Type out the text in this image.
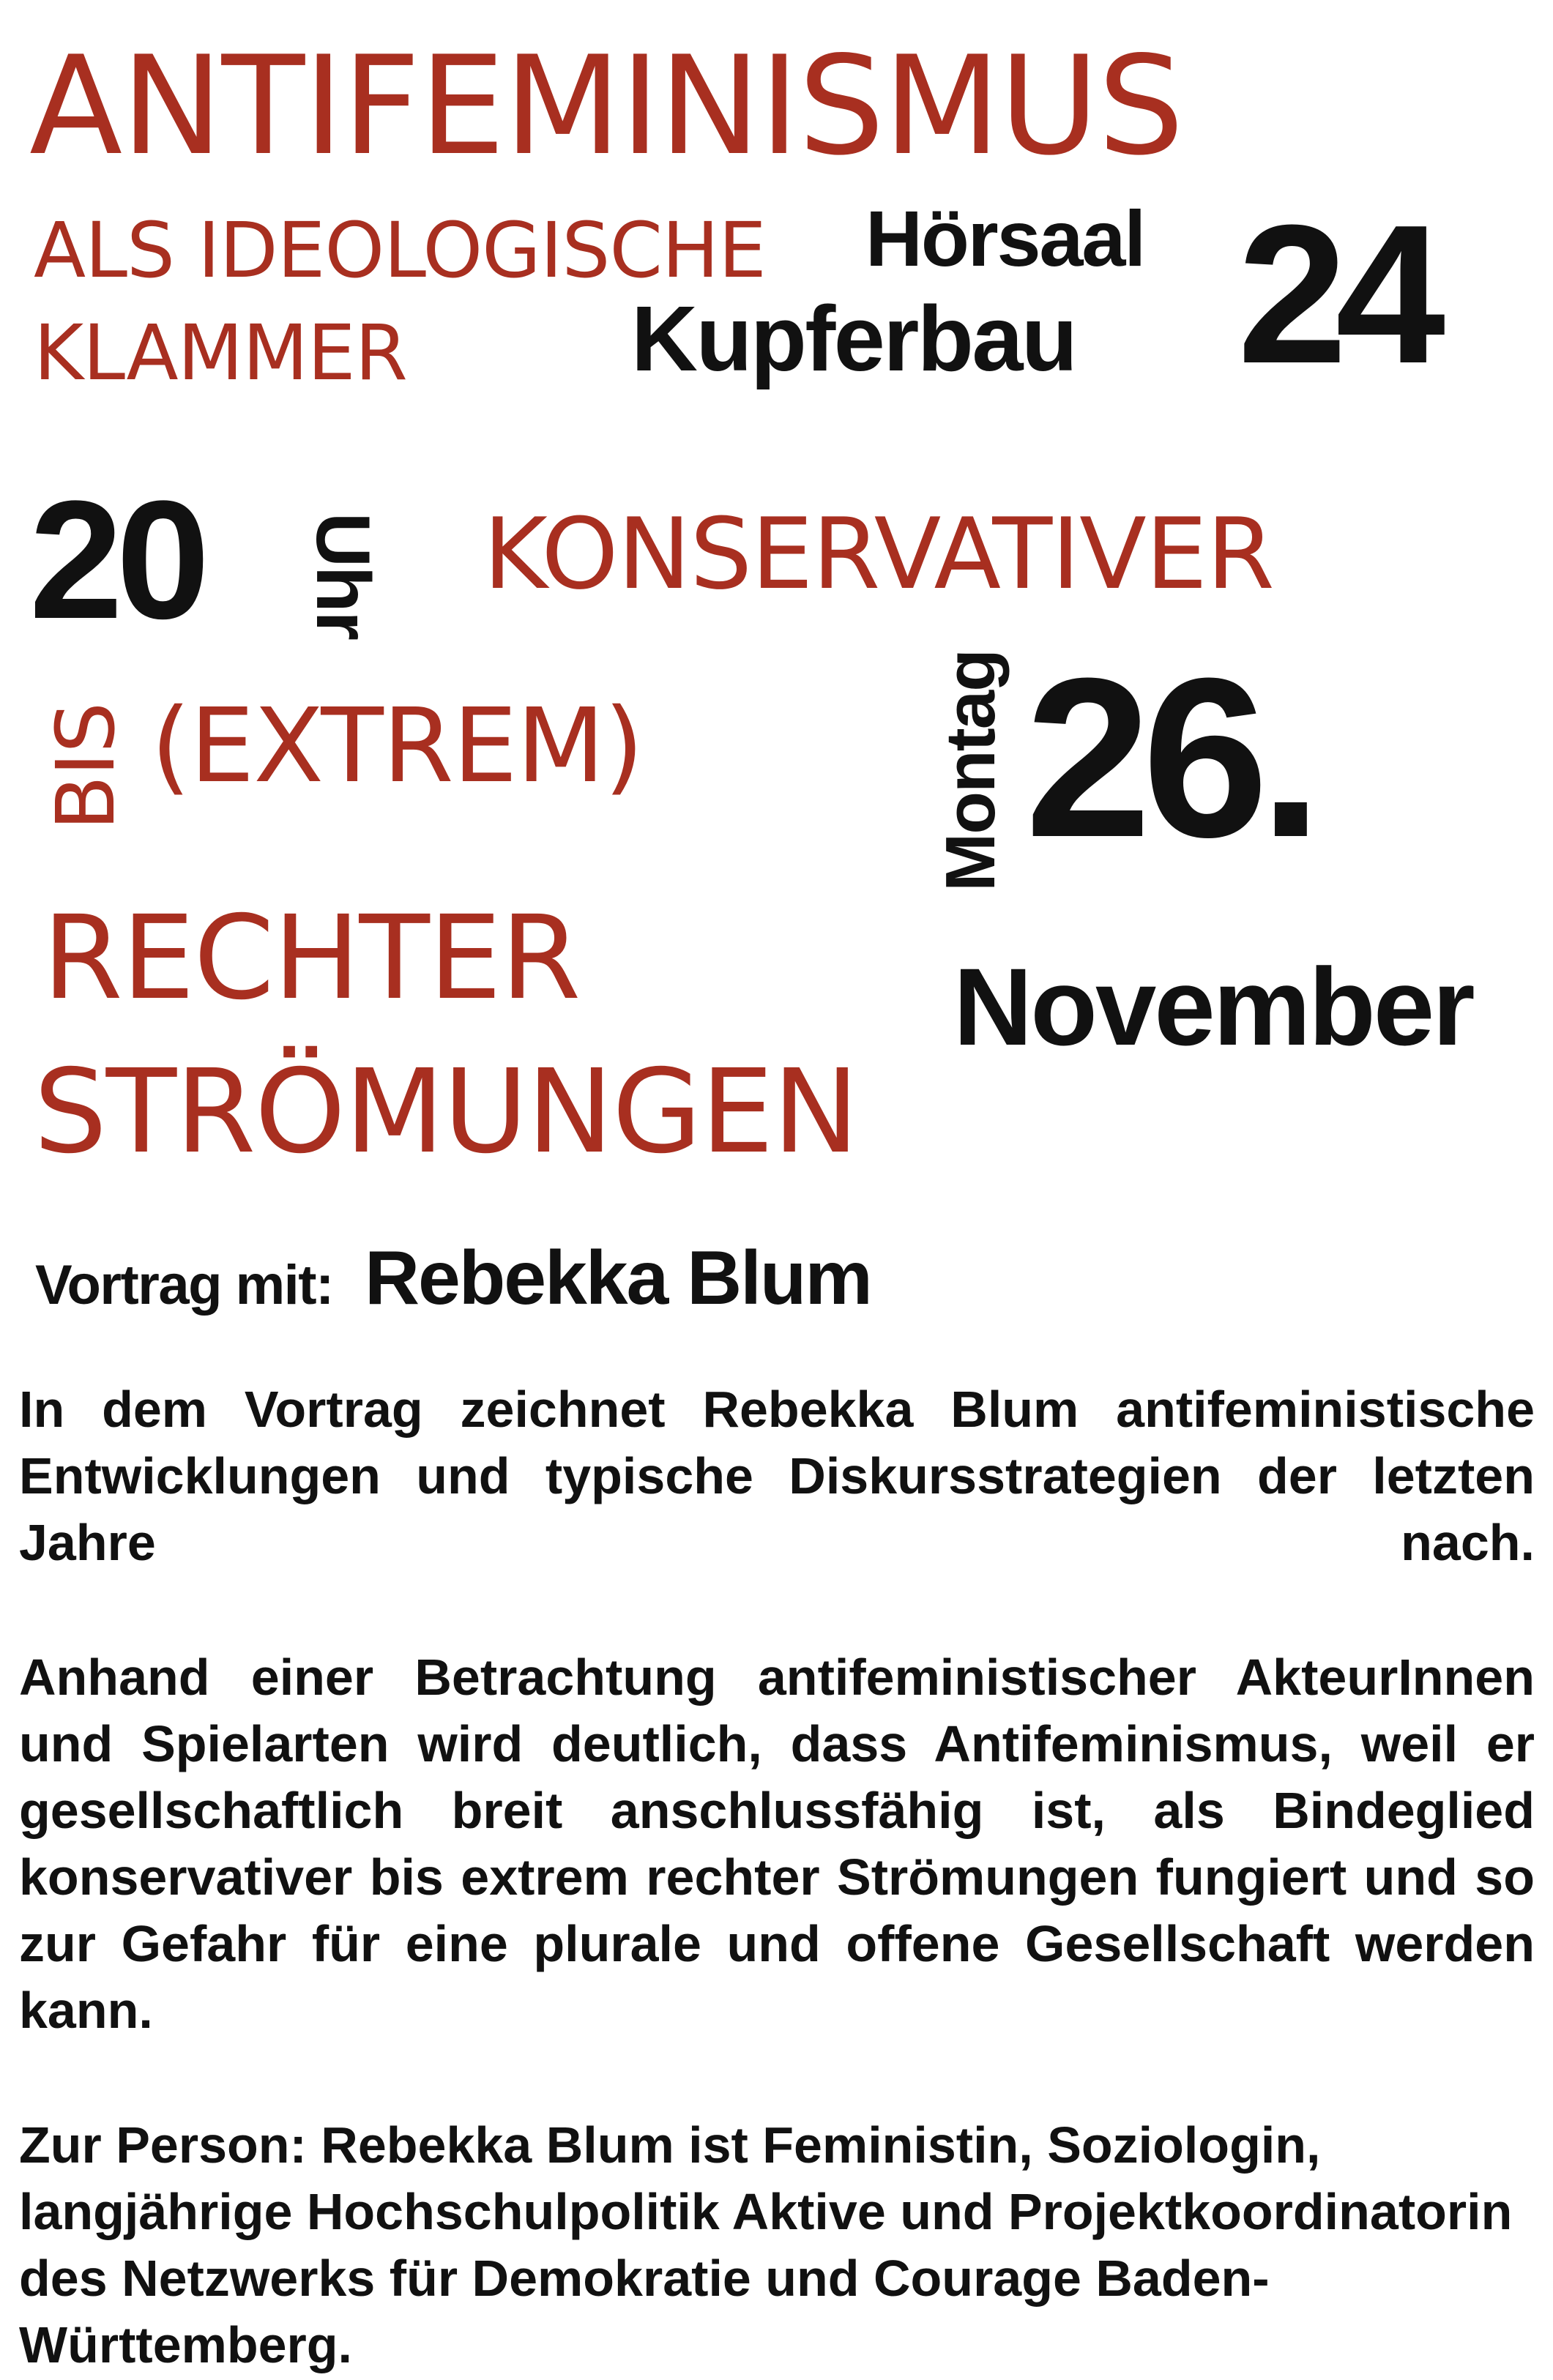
ANTIFEMINISMUS
ALS IDEOLOGISCHE
KLAMMER
Hörsaal
Kupferbau 24
20 Uhr KONSERVATIVER
BIS (EXTREM)
RECHTER
STRÖMUNGEN
Montag 26.
November
Vortrag mit: Rebekka Blum

In dem Vortrag zeichnet Rebekka Blum antifeministische Entwicklungen und typische Diskursstrategien der letzten Jahre nach.

Anhand einer Betrachtung antifeministischer AkteurInnen und Spielarten wird deutlich, dass Antifeminismus, weil er gesellschaftlich breit anschlussfähig ist, als Bindeglied konservativer bis extrem rechter Strömungen fungiert und so zur Gefahr für eine plurale und offene Gesellschaft werden kann.

Zur Person: Rebekka Blum ist Feministin, Soziologin, langjährige Hochschulpolitik Aktive und Projektkoordinatorin des Netzwerks für Demokratie und Courage Baden-Württemberg.
